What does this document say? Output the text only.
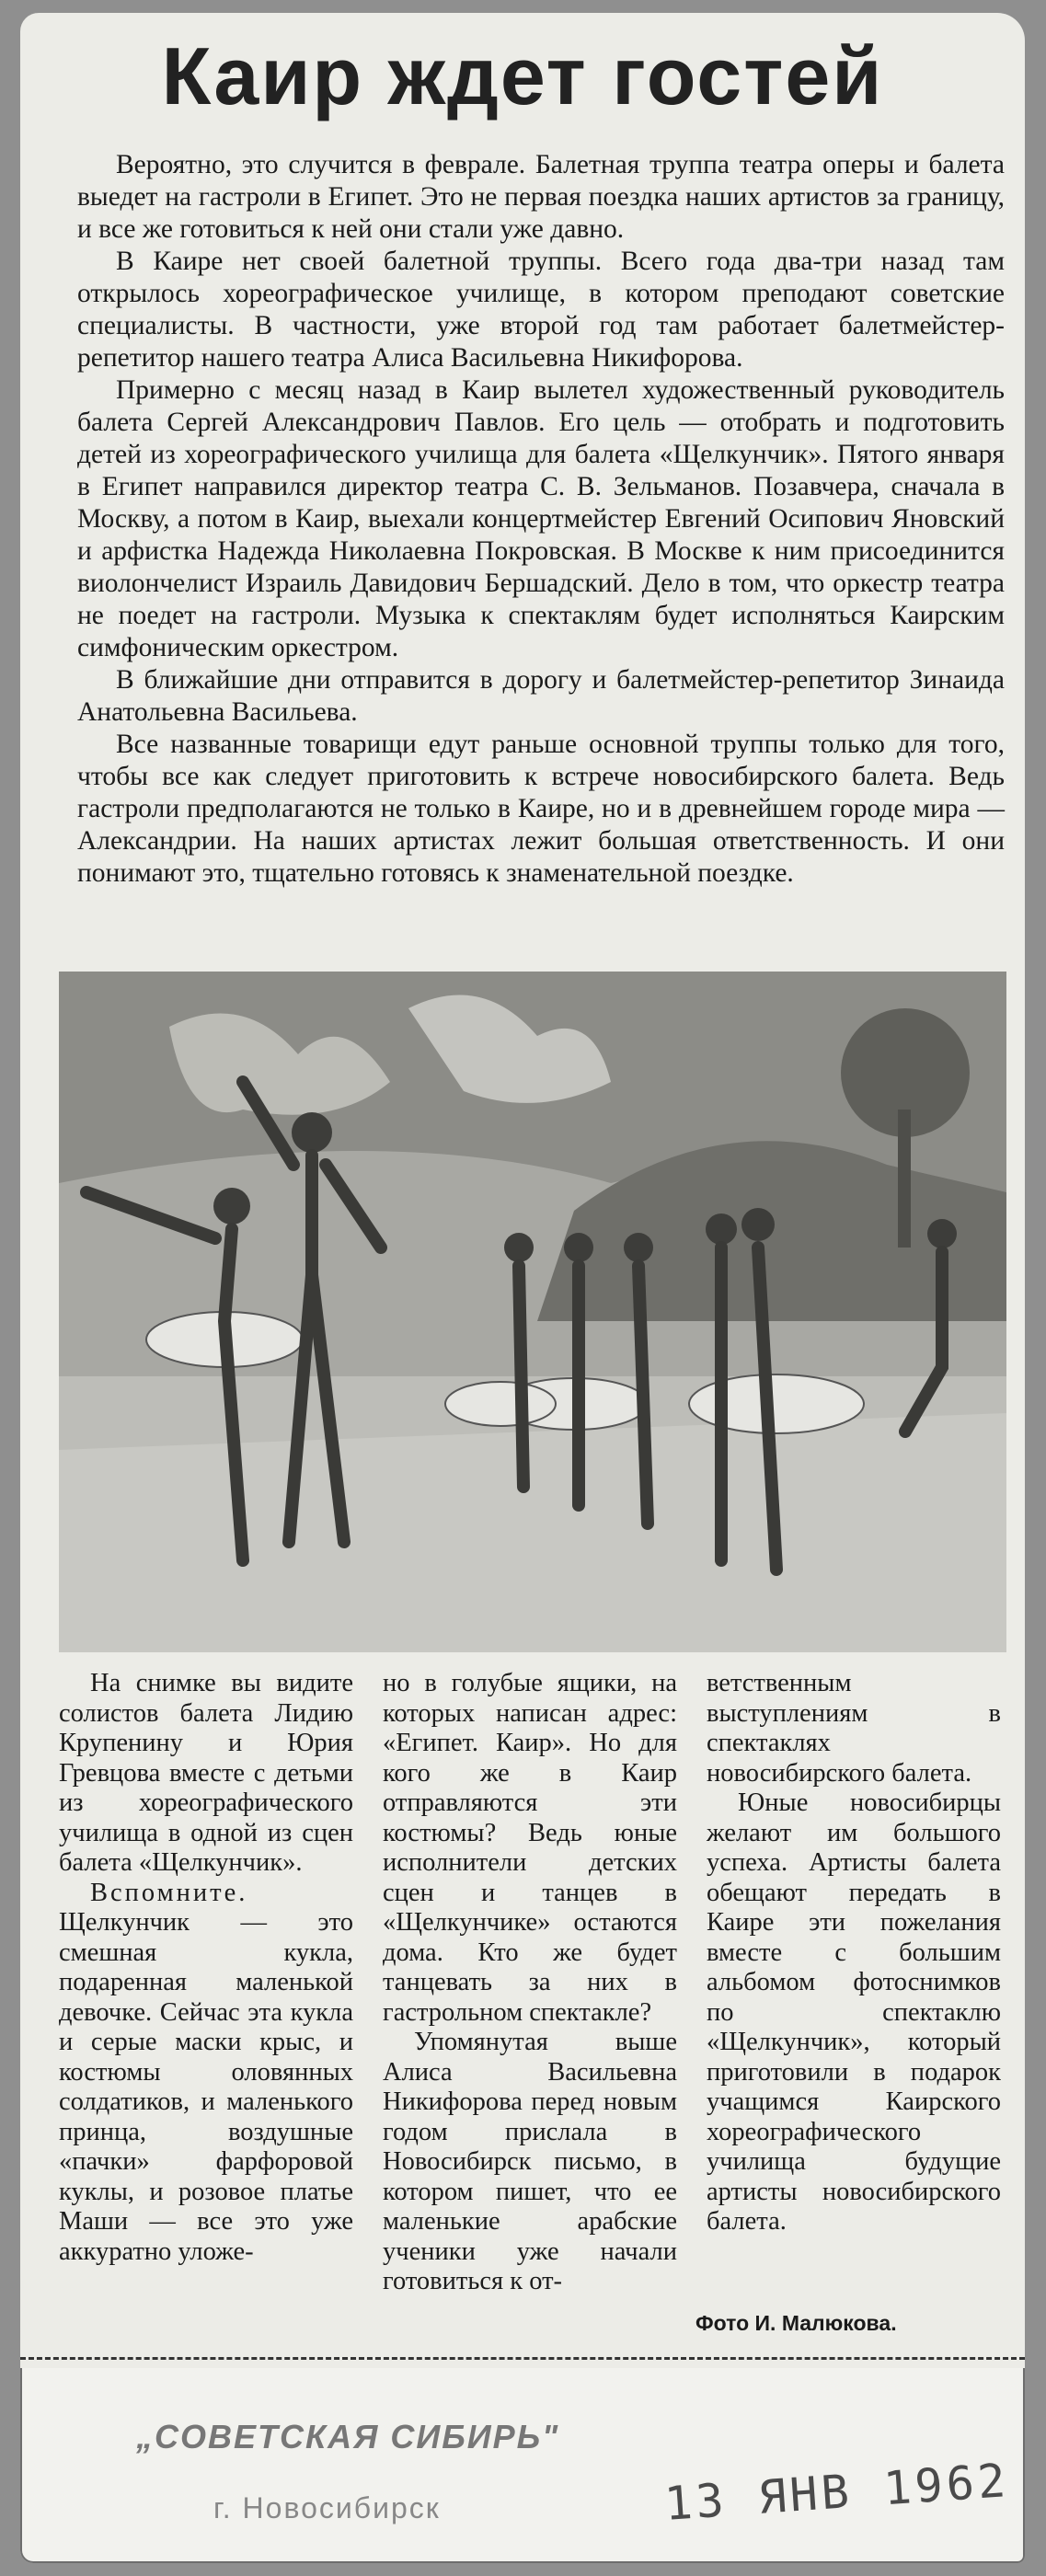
Каир ждет гостей

Вероятно, это случится в феврале. Балетная труппа театра оперы и балета выедет на гастроли в Египет. Это не первая поездка наших артистов за границу, и все же готовиться к ней они стали уже давно.

В Каире нет своей балетной труппы. Всего года два-три назад там открылось хореографическое училище, в котором преподают советские специалисты. В частности, уже второй год там работает балетмейстер-репетитор нашего театра Алиса Васильевна Никифорова.

Примерно с месяц назад в Каир вылетел художественный руководитель балета Сергей Александрович Павлов. Его цель — отобрать и подготовить детей из хореографического училища для балета «Щелкунчик». Пятого января в Египет направился директор театра С. В. Зельманов. Позавчера, сначала в Москву, а потом в Каир, выехали концертмейстер Евгений Осипович Яновский и арфистка Надежда Николаевна Покровская. В Москве к ним присоединится виолончелист Израиль Давидович Бершадский. Дело в том, что оркестр театра не поедет на гастроли. Музыка к спектаклям будет исполняться Каирским симфоническим оркестром.

В ближайшие дни отправится в дорогу и балетмейстер-репетитор Зинаида Анатольевна Васильева.

Все названные товарищи едут раньше основной труппы только для того, чтобы все как следует приготовить к встрече новосибирского балета. Ведь гастроли предполагаются не только в Каире, но и в древнейшем городе мира — Александрии. На наших артистах лежит большая ответственность. И они понимают это, тщательно готовясь к знаменательной поездке.

На снимке вы видите солистов балета Лидию Крупенину и Юрия Гревцова вместе с детьми из хореографического училища в одной из сцен балета «Щелкунчик».

Вспомните. Щелкунчик — это смешная кукла, подаренная маленькой девочке. Сейчас эта кукла и серые маски крыс, и костюмы оловянных солдатиков, и маленького принца, воздушные «пачки» фарфоровой куклы, и розовое платье Маши — все это уже аккуратно уложе-

но в голубые ящики, на которых написан адрес: «Египет. Каир». Но для кого же в Каир отправляются эти костюмы? Ведь юные исполнители детских сцен и танцев в «Щелкунчике» остаются дома. Кто же будет танцевать за них в гастрольном спектакле?

Упомянутая выше Алиса Васильевна Никифорова перед новым годом прислала в Новосибирск письмо, в котором пишет, что ее маленькие арабские ученики уже начали готовиться к от-

ветственным выступлениям в спектаклях новосибирского балета.

Юные новосибирцы желают им большого успеха. Артисты балета обещают передать в Каире эти пожелания вместе с большим альбомом фотоснимков по спектаклю «Щелкунчик», который приготовили в подарок учащимся Каирского хореографического училища будущие артисты новосибирского балета.

Фото И. Малюкова.
„СОВЕТСКАЯ СИБИРЬ"
г. Новосибирск	13 ЯНВ 1962
